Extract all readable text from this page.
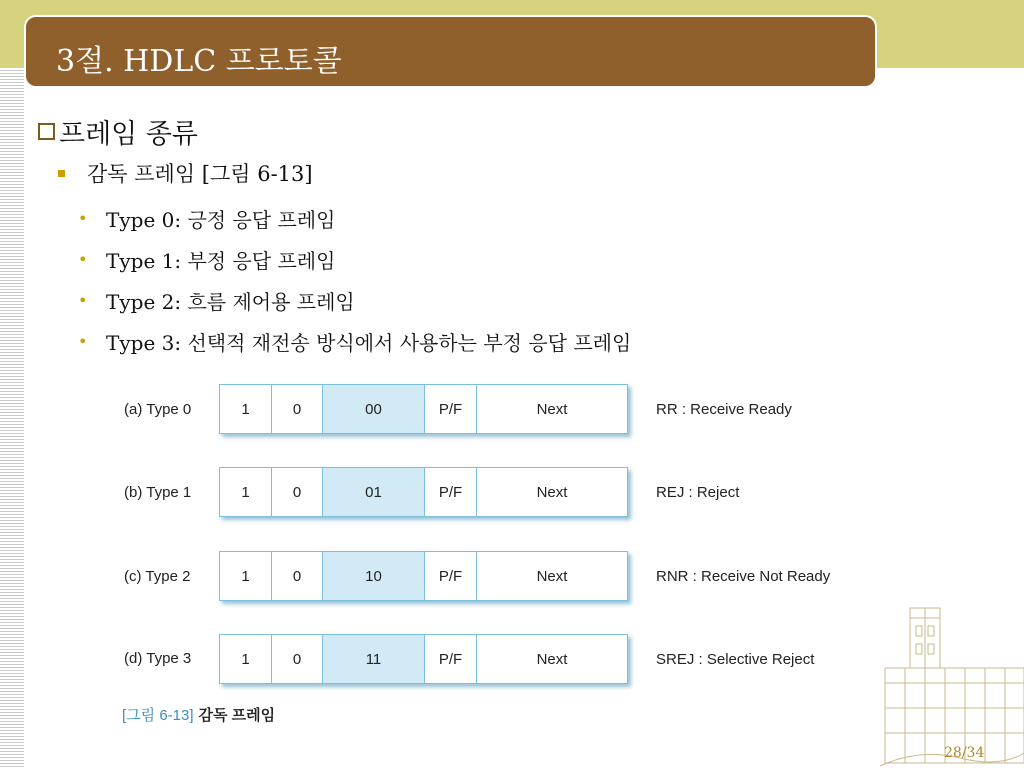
3절. HDLC 프로토콜
프레임 종류
감독 프레임 [그림 6-13]
• Type 0: 긍정 응답 프레임
• Type 1: 부정 응답 프레임
• Type 2: 흐름 제어용 프레임
• Type 3: 선택적 재전송 방식에서 사용하는 부정 응답 프레임
(a) Type 0	1	0	00	P/F	Next	RR : Receive Ready
(b) Type 1	1	0	01	P/F	Next	REJ : Reject
(c) Type 2	1	0	10	P/F	Next	RNR : Receive Not Ready
(d) Type 3	1	0	11	P/F	Next	SREJ : Selective Reject
[그림 6-13] 감독 프레임
28/34
